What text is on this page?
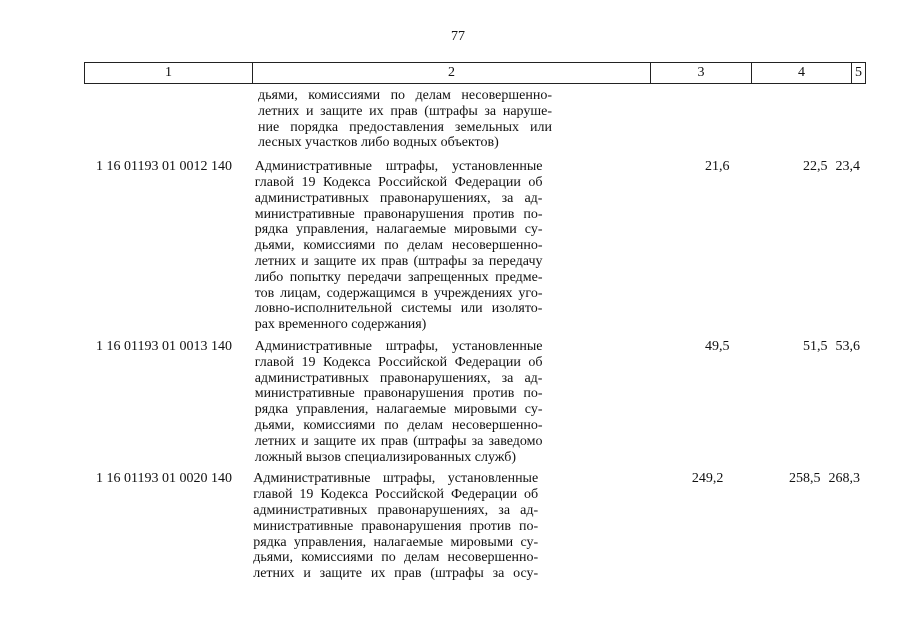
77
1	2	3	4	5
дьями, комиссиями по делам несовершенно-
летних и защите их прав (штрафы за наруше-
ние порядка предоставления земельных или
лесных участков либо водных объектов)
1 16 01193 01 0012 140	Административные штрафы, установленные
главой 19 Кодекса Российской Федерации об
административных правонарушениях, за ад-
министративные правонарушения против по-
рядка управления, налагаемые мировыми су-
дьями, комиссиями по делам несовершенно-
летних и защите их прав (штрафы за передачу
либо попытку передачи запрещенных предме-
тов лицам, содержащимся в учреждениях уго-
ловно-исполнительной системы или изолято-
рах временного содержания)
21,6	22,5 23,4
1 16 01193 01 0013 140	Административные штрафы, установленные
главой 19 Кодекса Российской Федерации об
административных правонарушениях, за ад-
министративные правонарушения против по-
рядка управления, налагаемые мировыми су-
дьями, комиссиями по делам несовершенно-
летних и защите их прав (штрафы за заведомо
ложный вызов специализированных служб)
49,5	51,5 53,6
1 16 01193 01 0020 140	Административные штрафы, установленные
главой 19 Кодекса Российской Федерации об
административных правонарушениях, за ад-
министративные правонарушения против по-
рядка управления, налагаемые мировыми су-
дьями, комиссиями по делам несовершенно-
летних и защите их прав (штрафы за осу-
249,2	258,5 268,3
